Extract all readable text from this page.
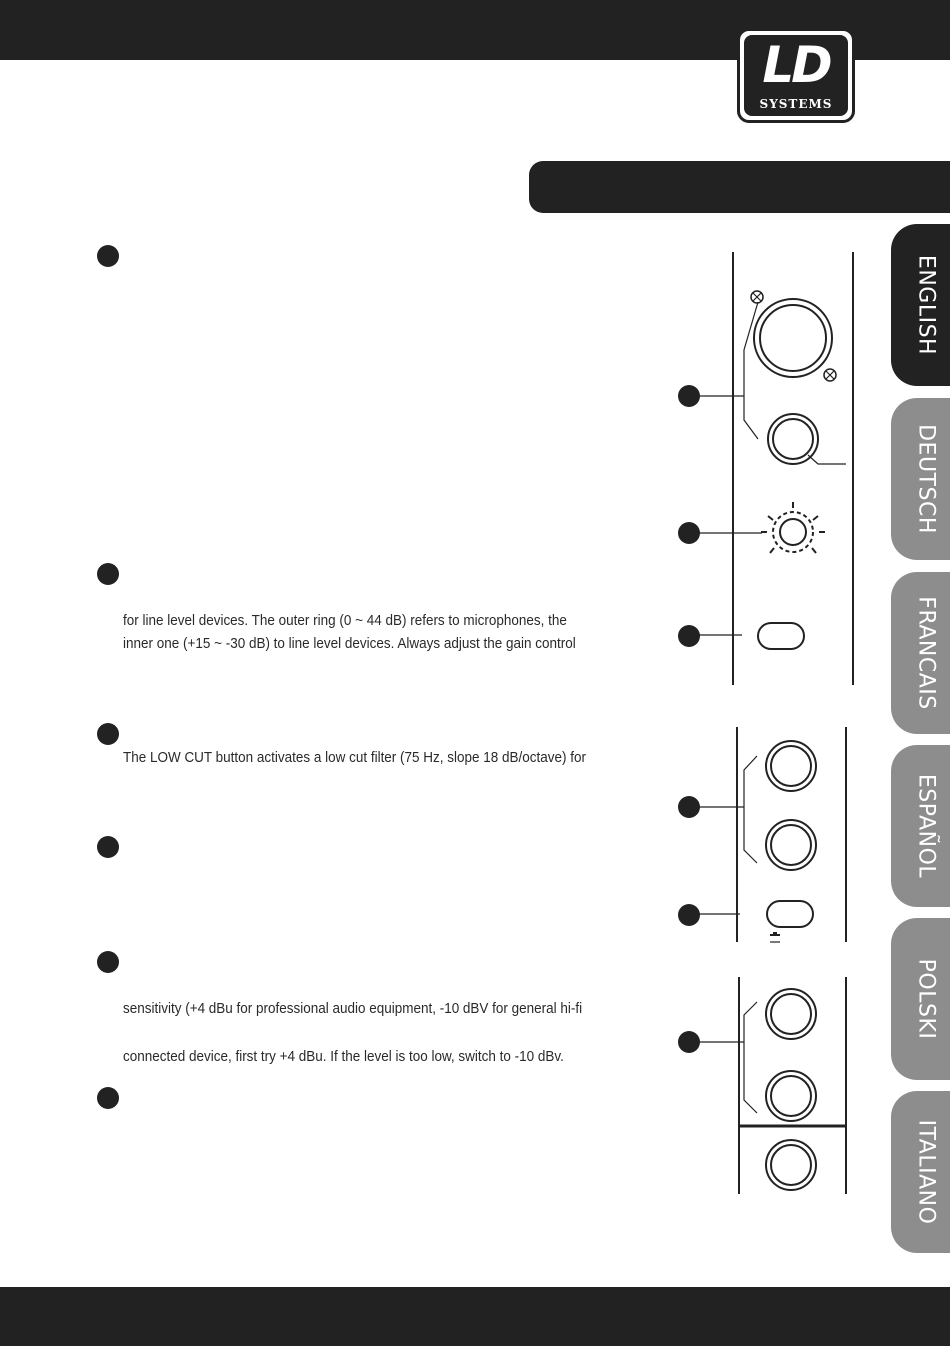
LD
SYSTEMS
ENGLISH
DEUTSCH
FRANCAIS
ESPAÑOL
POLSKI
ITALIANO
for line level devices. The outer ring (0 ~ 44 dB) refers to microphones, the
inner one (+15 ~ -30 dB) to line level devices. Always adjust the gain control
The LOW CUT button activates a low cut filter (75 Hz, slope 18 dB/octave) for
sensitivity (+4 dBu for professional audio equipment, -10 dBV for general hi-fi
connected device, first try +4 dBu. If the level is too low, switch to -10 dBv.
